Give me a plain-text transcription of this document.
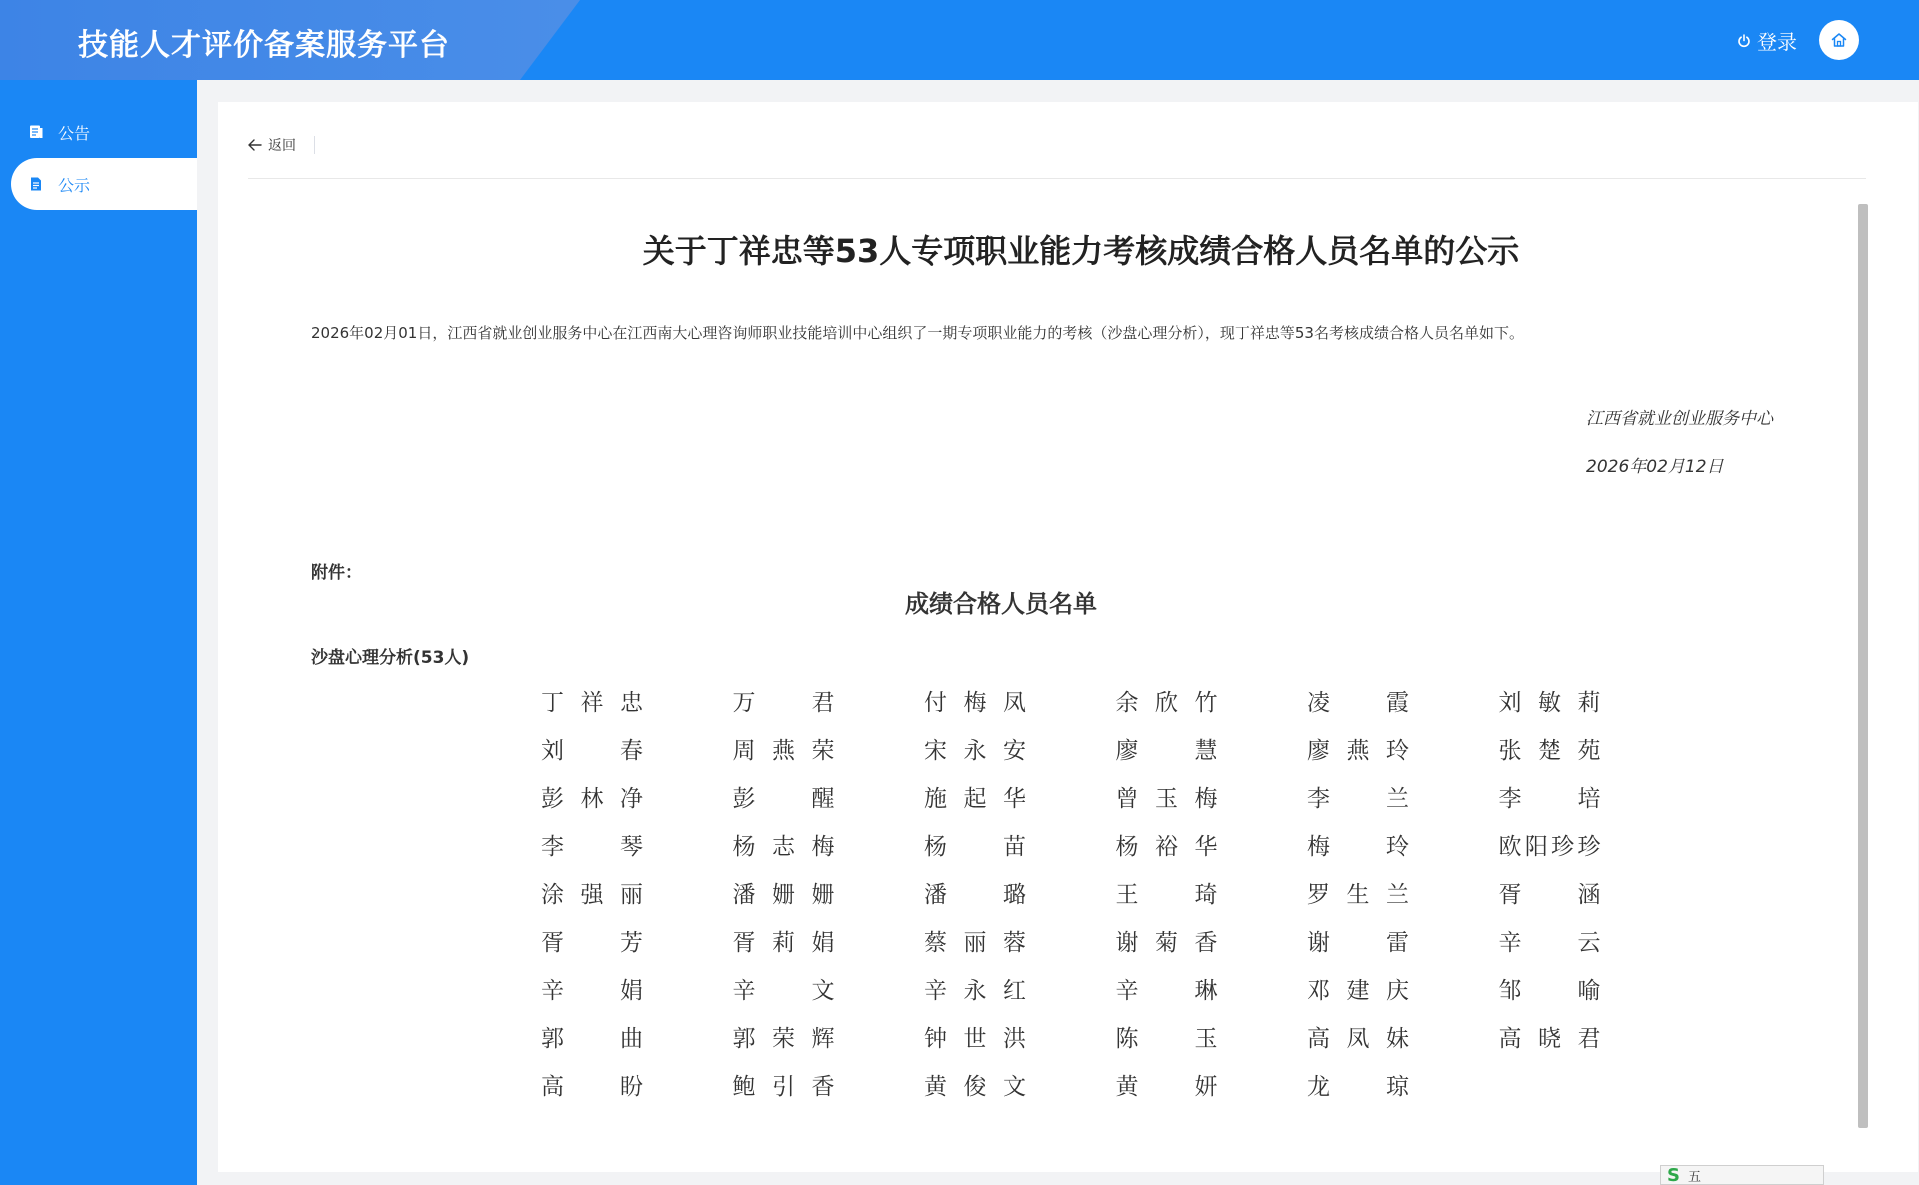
技能人才评价备案服务平台	登录
公告
公示
返回
关于丁祥忠等53人专项职业能力考核成绩合格人员名单的公示
2026年02月01日，江西省就业创业服务中心在江西南大心理咨询师职业技能培训中心组织了一期专项职业能力的考核（沙盘心理分析），现丁祥忠等53名考核成绩合格人员名单如下。
江西省就业创业服务中心
2026年02月12日
附件：
成绩合格人员名单
沙盘心理分析(53人)
丁 祥 忠	万 君	付 梅 凤	余 欣 竹	凌 霞	刘 敏 莉
刘 春	周 燕 荣	宋 永 安	廖 慧	廖 燕 玲	张 楚 苑
彭 林 净	彭 醒	施 起 华	曾 玉 梅	李 兰	李 培
李 琴	杨 志 梅	杨 苗	杨 裕 华	梅 玲	欧 阳 珍 珍
涂 强 丽	潘 姗 姗	潘 璐	王 琦	罗 生 兰	胥 涵
胥 芳	胥 莉 娟	蔡 丽 蓉	谢 菊 香	谢 雷	辛 云
辛 娟	辛 文	辛 永 红	辛 琳	邓 建 庆	邹 喻
郭 曲	郭 荣 辉	钟 世 洪	陈 玉	高 凤 妹	高 晓 君
高 盼	鲍 引 香	黄 俊 文	黄 妍	龙 琼
S 五
